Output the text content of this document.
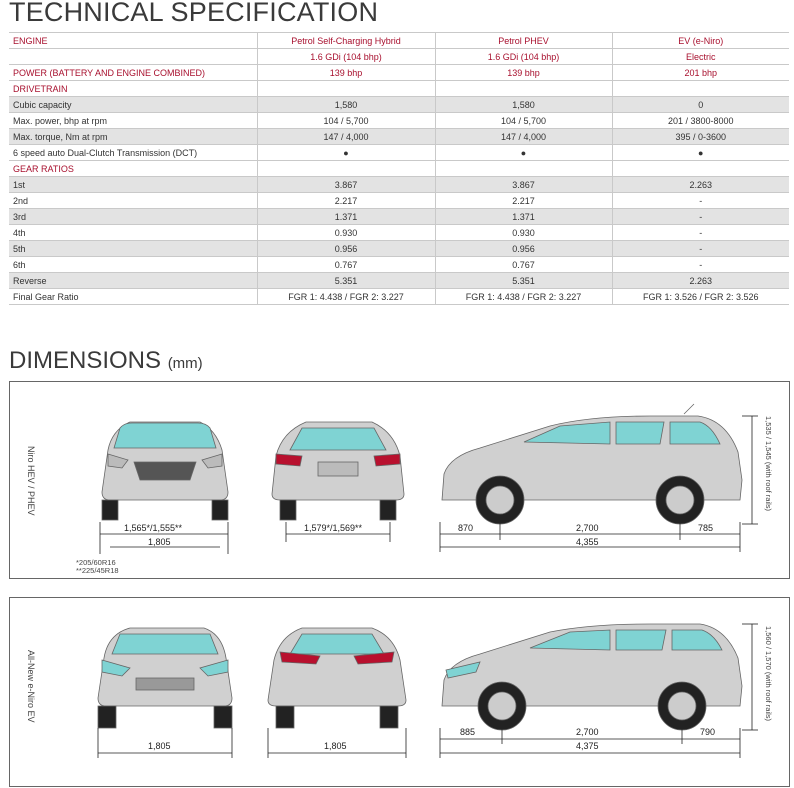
TECHNICAL SPECIFICATION
ENGINE	Petrol Self-Charging Hybrid	Petrol PHEV	EV (e-Niro)
	1.6 GDi (104 bhp)	1.6 GDi (104 bhp)	Electric
POWER (BATTERY AND ENGINE COMBINED)	139 bhp	139 bhp	201 bhp
DRIVETRAIN			
Cubic capacity	1,580	1,580	0
Max. power, bhp at rpm	104 / 5,700	104 / 5,700	201 / 3800-8000
Max. torque, Nm at rpm	147 / 4,000	147 / 4,000	395 / 0-3600
6 speed auto Dual-Clutch Transmission (DCT)	●	●	●
GEAR RATIOS			
1st	3.867	3.867	2.263
2nd	2.217	2.217	-
3rd	1.371	1.371	-
4th	0.930	0.930	-
5th	0.956	0.956	-
6th	0.767	0.767	-
Reverse	5.351	5.351	2.263
Final Gear Ratio	FGR 1: 4.438 / FGR 2: 3.227	FGR 1: 4.438 / FGR 2: 3.227	FGR 1: 3.526 / FGR 2: 3.526
DIMENSIONS (mm)
Niro HEV / PHEV
1,565*/1,555**
1,805
1,579*/1,569**	870	2,700	785
4,355
1,535 / 1,545 (with roof rails)
*205/60R16
**225/45R18
All-New e-Niro EV
1,805	1,805
885	2,700	790
4,375
1,560 / 1,570 (with roof rails)
